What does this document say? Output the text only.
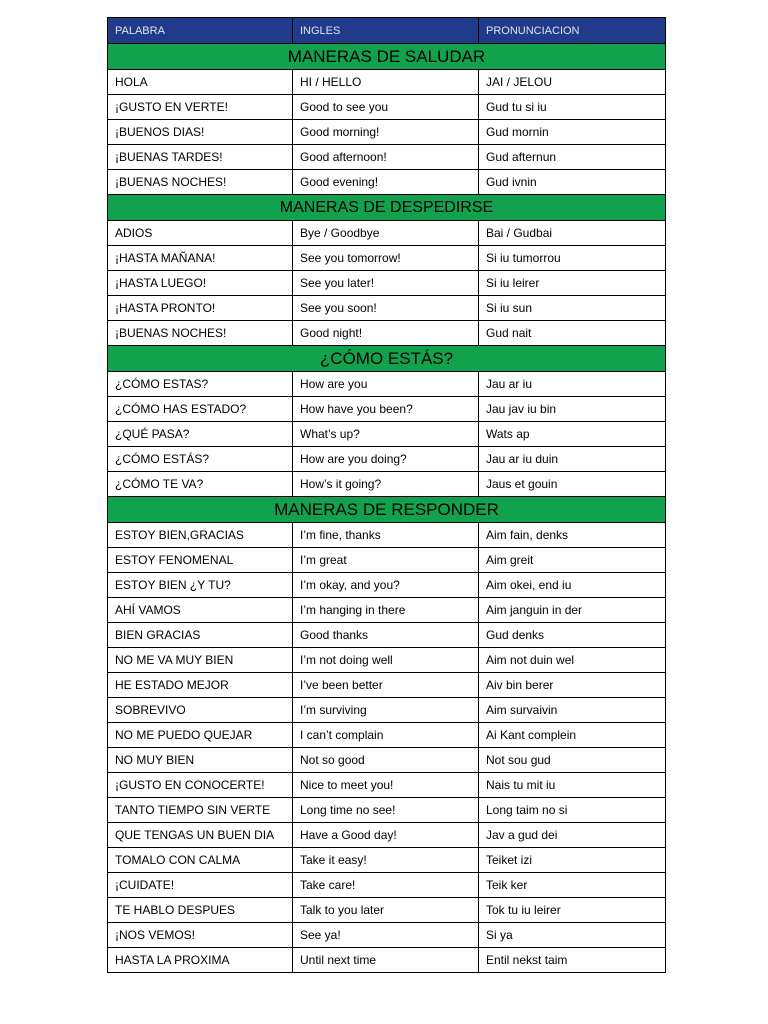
PALABRA	INGLES	PRONUNCIACION
MANERAS DE SALUDAR		
HOLA	HI / HELLO	JAI / JELOU
¡GUSTO EN VERTE!	Good to see you	Gud tu si iu
¡BUENOS DIAS!	Good morning!	Gud mornin
¡BUENAS TARDES!	Good afternoon!	Gud afternun
¡BUENAS NOCHES!	Good evening!	Gud ivnin
MANERAS DE DESPEDIRSE		
ADIOS	Bye / Goodbye	Bai / Gudbai
¡HASTA MAÑANA!	See you tomorrow!	Si iu tumorrou
¡HASTA LUEGO!	See you later!	Si iu leirer
¡HASTA PRONTO!	See you soon!	Si iu sun
¡BUENAS NOCHES!	Good night!	Gud nait
¿CÓMO ESTÁS?		
¿CÓMO ESTAS?	How are you	Jau ar iu
¿CÓMO HAS ESTADO?	How have you been?	Jau jav iu bin
¿QUÉ PASA?	What’s up?	Wats ap
¿CÓMO ESTÁS?	How are you doing?	Jau ar iu duin
¿CÓMO TE VA?	How’s it going?	Jaus et gouin
MANERAS DE RESPONDER		
ESTOY BIEN,GRACIAS	I’m fine, thanks	Aim fain, denks
ESTOY FENOMENAL	I’m great	Aim greit
ESTOY BIEN ¿Y TU?	I’m okay, and you?	Aim okei, end iu
AHÍ VAMOS	I’m hanging in there	Aim janguin in der
BIEN GRACIAS	Good thanks	Gud denks
NO ME VA MUY BIEN	I’m not doing well	Aim not duin wel
HE ESTADO MEJOR	I’ve been better	Aiv bin berer
SOBREVIVO	I’m surviving	Aim survaivin
NO ME PUEDO QUEJAR	I can’t complain	Ai Kant complein
NO MUY BIEN	Not so good	Not sou gud
¡GUSTO EN CONOCERTE!	Nice to meet you!	Nais tu mit iu
TANTO TIEMPO SIN VERTE	Long time no see!	Long taim no si
QUE TENGAS UN BUEN DIA	Have a Good day!	Jav a gud dei
TOMALO CON CALMA	Take it easy!	Teiket izi
¡CUIDATE!	Take care!	Teik ker
TE HABLO DESPUES	Talk to you later	Tok tu iu leirer
¡NOS VEMOS!	See ya!	Si ya
HASTA LA PROXIMA	Until next time	Entil nekst taim
